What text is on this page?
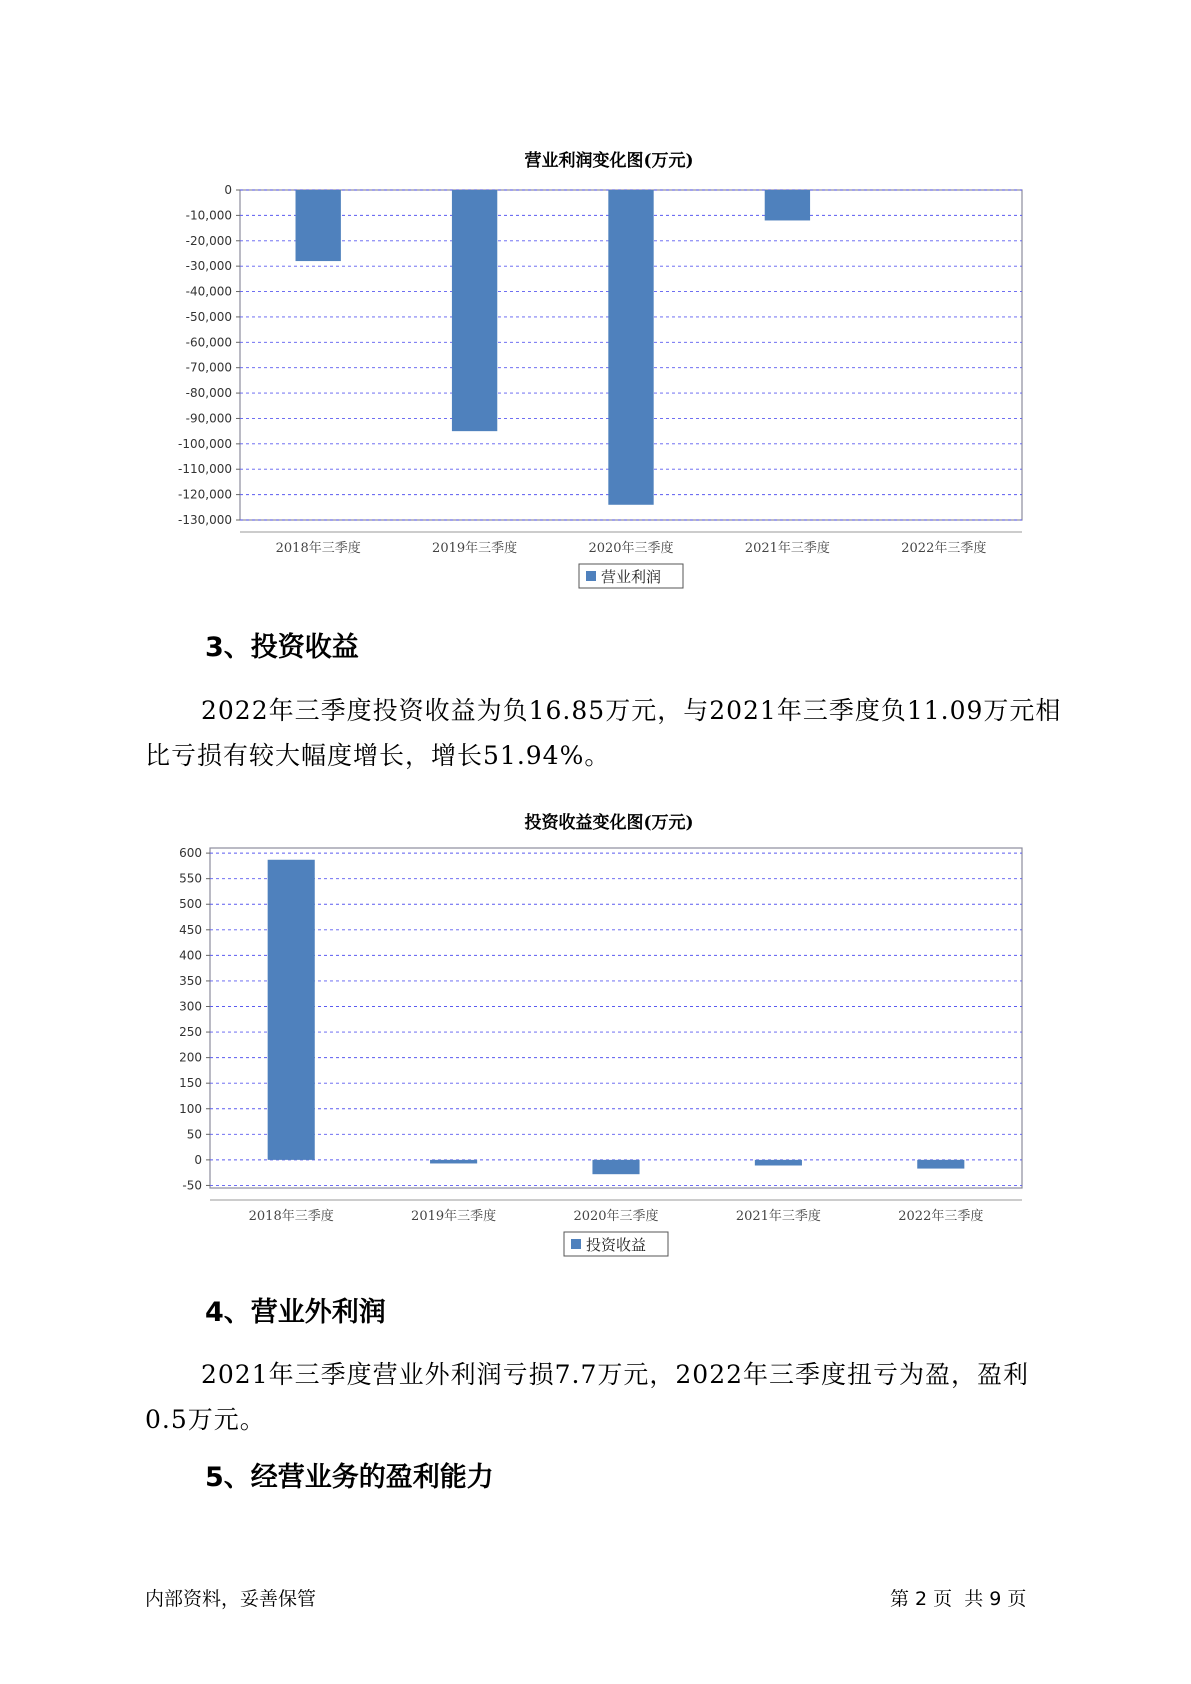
营业利润变化图(万元)
0
-10,000
-20,000
-30,000
-40,000
-50,000
-60,000
-70,000
-80,000
-90,000
-100,000
-110,000
-120,000
-130,000
2018年三季度	2019年三季度	2020年三季度	2021年三季度	2022年三季度
营业利润
投资收益变化图(万元)
600
550
500
450
400
350
300
250
200
150
100
50
0
-50
2018年三季度	2019年三季度	2020年三季度	2021年三季度	2022年三季度
投资收益
3、投资收益
2022年三季度投资收益为负16.85万元，与2021年三季度负11.09万元相比亏损有较大幅度增长，增长51.94%。
4、营业外利润
2021年三季度营业外利润亏损7.7万元，2022年三季度扭亏为盈，盈利0.5万元。
5、经营业务的盈利能力
内部资料，妥善保管	第 2 页  共 9 页
